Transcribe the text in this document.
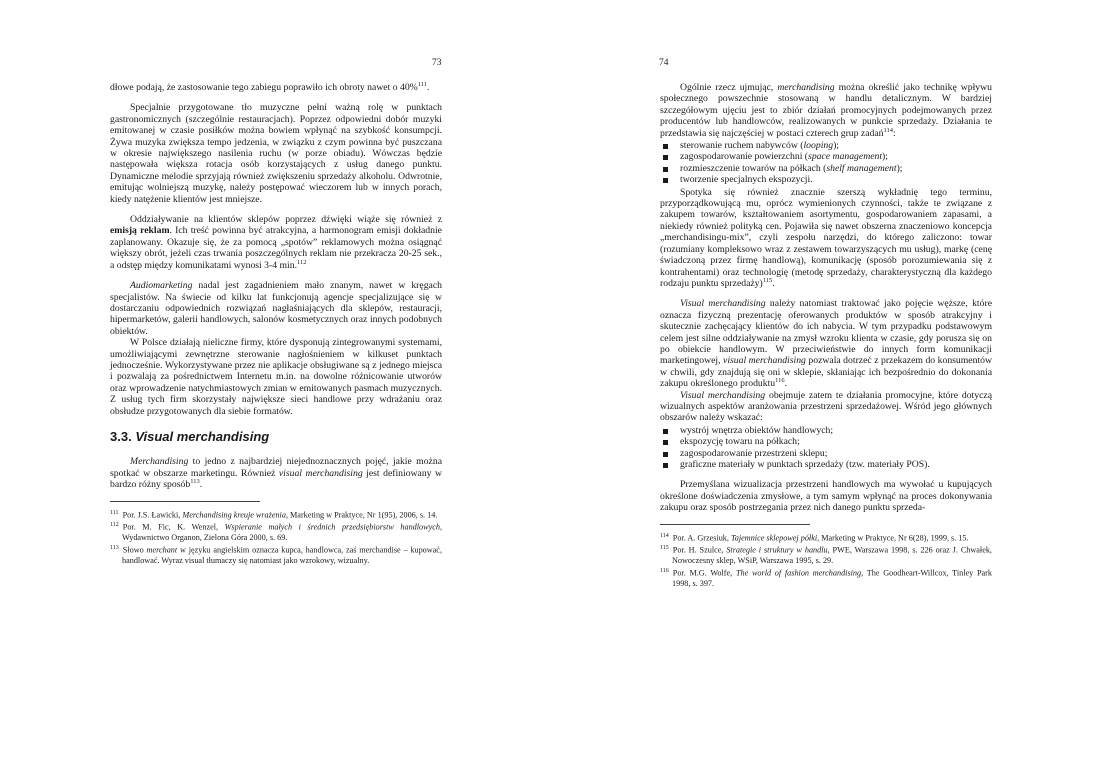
73

dłowe podają, że zastosowanie tego zabiegu poprawiło ich obroty nawet o 40%$^{111}$.

Specjalnie przygotowane tło muzyczne pełni ważną rolę w punktach gastronomicznych (szczególnie restauracjach). Poprzez odpowiedni dobór muzyki emitowanej w czasie posiłków można bowiem wpłynąć na szybkość konsumpcji. Żywa muzyka zwiększa tempo jedzenia, w związku z czym powinna być puszczana w okresie największego nasilenia ruchu (w porze obiadu). Wówczas będzie następowała większa rotacja osób korzystających z usług danego punktu. Dynamiczne melodie sprzyjają również zwiększeniu sprzedaży alkoholu. Odwrotnie, emitując wolniejszą muzykę, należy postępować wieczorem lub w innych porach, kiedy natężenie klientów jest mniejsze.

Oddziaływanie na klientów sklepów poprzez dźwięki wiąże się również z emisją reklam. Ich treść powinna być atrakcyjna, a harmonogram emisji dokładnie zaplanowany. Okazuje się, że za pomocą „spotów” reklamowych można osiągnąć większy obrót, jeżeli czas trwania poszczególnych reklam nie przekracza 20-25 sek., a odstęp między komunikatami wynosi 3-4 min.$^{112}$

Audiomarketing nadal jest zagadnieniem mało znanym, nawet w kręgach specjalistów. Na świecie od kilku lat funkcjonują agencje specjalizujące się w dostarczaniu odpowiednich rozwiązań nagłaśniających dla sklepów, restauracji, hipermarketów, galerii handlowych, salonów kosmetycznych oraz innych podobnych obiektów.

W Polsce działają nieliczne firmy, które dysponują zintegrowanymi systemami, umożliwiającymi zewnętrzne sterowanie nagłośnieniem w kilkuset punktach jednocześnie. Wykorzystywane przez nie aplikacje obsługiwane są z jednego miejsca i pozwalają za pośrednictwem Internetu m.in. na dowolne różnicowanie utworów oraz wprowadzenie natychmiastowych zmian w emitowanych pasmach muzycznych. Z usług tych firm skorzystały największe sieci handlowe przy wdrażaniu oraz obsłudze przygotowanych dla siebie formatów.

3.3. Visual merchandising

Merchandising to jedno z najbardziej niejednoznacznych pojęć, jakie można spotkać w obszarze marketingu. Również visual merchandising jest definiowany w bardzo różny sposób$^{113}$.

$^{111}$ Por. J.S. Ławicki, Merchandising kreuje wrażenia, Marketing w Praktyce, Nr 1(95), 2006, s. 14.

$^{112}$ Por. M. Fic, K. Wenzel, Wspieranie małych i średnich przedsiębiorstw handlowych, Wydawnictwo Organon, Zielona Góra 2000, s. 69.

$^{113}$ Słowo merchant w języku angielskim oznacza kupca, handlowca, zaś merchandise – kupować, handlować. Wyraz visual tłumaczy się natomiast jako wzrokowy, wizualny.

74

Ogólnie rzecz ujmując, merchandising można określić jako technikę wpływu społecznego powszechnie stosowaną w handlu detalicznym. W bardziej szczegółowym ujęciu jest to zbiór działań promocyjnych podejmowanych przez producentów lub handlowców, realizowanych w punkcie sprzedaży. Działania te przedstawia się najczęściej w postaci czterech grup zadań$^{114}$:

sterowanie ruchem nabywców (looping);
zagospodarowanie powierzchni (space management);
rozmieszczenie towarów na półkach (shelf management);
tworzenie specjalnych ekspozycji.

Spotyka się również znacznie szerszą wykładnię tego terminu, przyporządkowującą mu, oprócz wymienionych czynności, także te związane z zakupem towarów, kształtowaniem asortymentu, gospodarowaniem zapasami, a niekiedy również polityką cen. Pojawiła się nawet obszerna znaczeniowo koncepcja „merchandisingu-mix”, czyli zespołu narzędzi, do którego zaliczono: towar (rozumiany kompleksowo wraz z zestawem towarzyszących mu usług), markę (cenę świadczoną przez firmę handlową), komunikację (sposób porozumiewania się z kontrahentami) oraz technologię (metodę sprzedaży, charakterystyczną dla każdego rodzaju punktu sprzedaży)$^{115}$.

Visual merchandising należy natomiast traktować jako pojęcie węższe, które oznacza fizyczną prezentację oferowanych produktów w sposób atrakcyjny i skutecznie zachęcający klientów do ich nabycia. W tym przypadku podstawowym celem jest silne oddziaływanie na zmysł wzroku klienta w czasie, gdy porusza się on po obiekcie handlowym. W przeciwieństwie do innych form komunikacji marketingowej, visual merchandising pozwala dotrzeć z przekazem do konsumentów w chwili, gdy znajdują się oni w sklepie, skłaniając ich bezpośrednio do dokonania zakupu określonego produktu$^{116}$.

Visual merchandising obejmuje zatem te działania promocyjne, które dotyczą wizualnych aspektów aranżowania przestrzeni sprzedażowej. Wśród jego głównych obszarów należy wskazać:

wystrój wnętrza obiektów handlowych;
ekspozycję towaru na półkach;
zagospodarowanie przestrzeni sklepu;
graficzne materiały w punktach sprzedaży (tzw. materiały POS).

Przemyślana wizualizacja przestrzeni handlowych ma wywołać u kupujących określone doświadczenia zmysłowe, a tym samym wpłynąć na proces dokonywania zakupu oraz sposób postrzegania przez nich danego punktu sprzeda-

$^{114}$ Por. A. Grzesiuk, Tajemnice sklepowej półki, Marketing w Praktyce, Nr 6(28), 1999, s. 15.

$^{115}$ Por. H. Szulce, Strategie i struktury w handlu, PWE, Warszawa 1998, s. 226 oraz J. Chwałek, Nowoczesny sklep, WSiP, Warszawa 1995, s. 29.

$^{116}$ Por. M.G. Wolfe, The world of fashion merchandising, The Goodheart-Willcox, Tinley Park 1998, s. 397.
